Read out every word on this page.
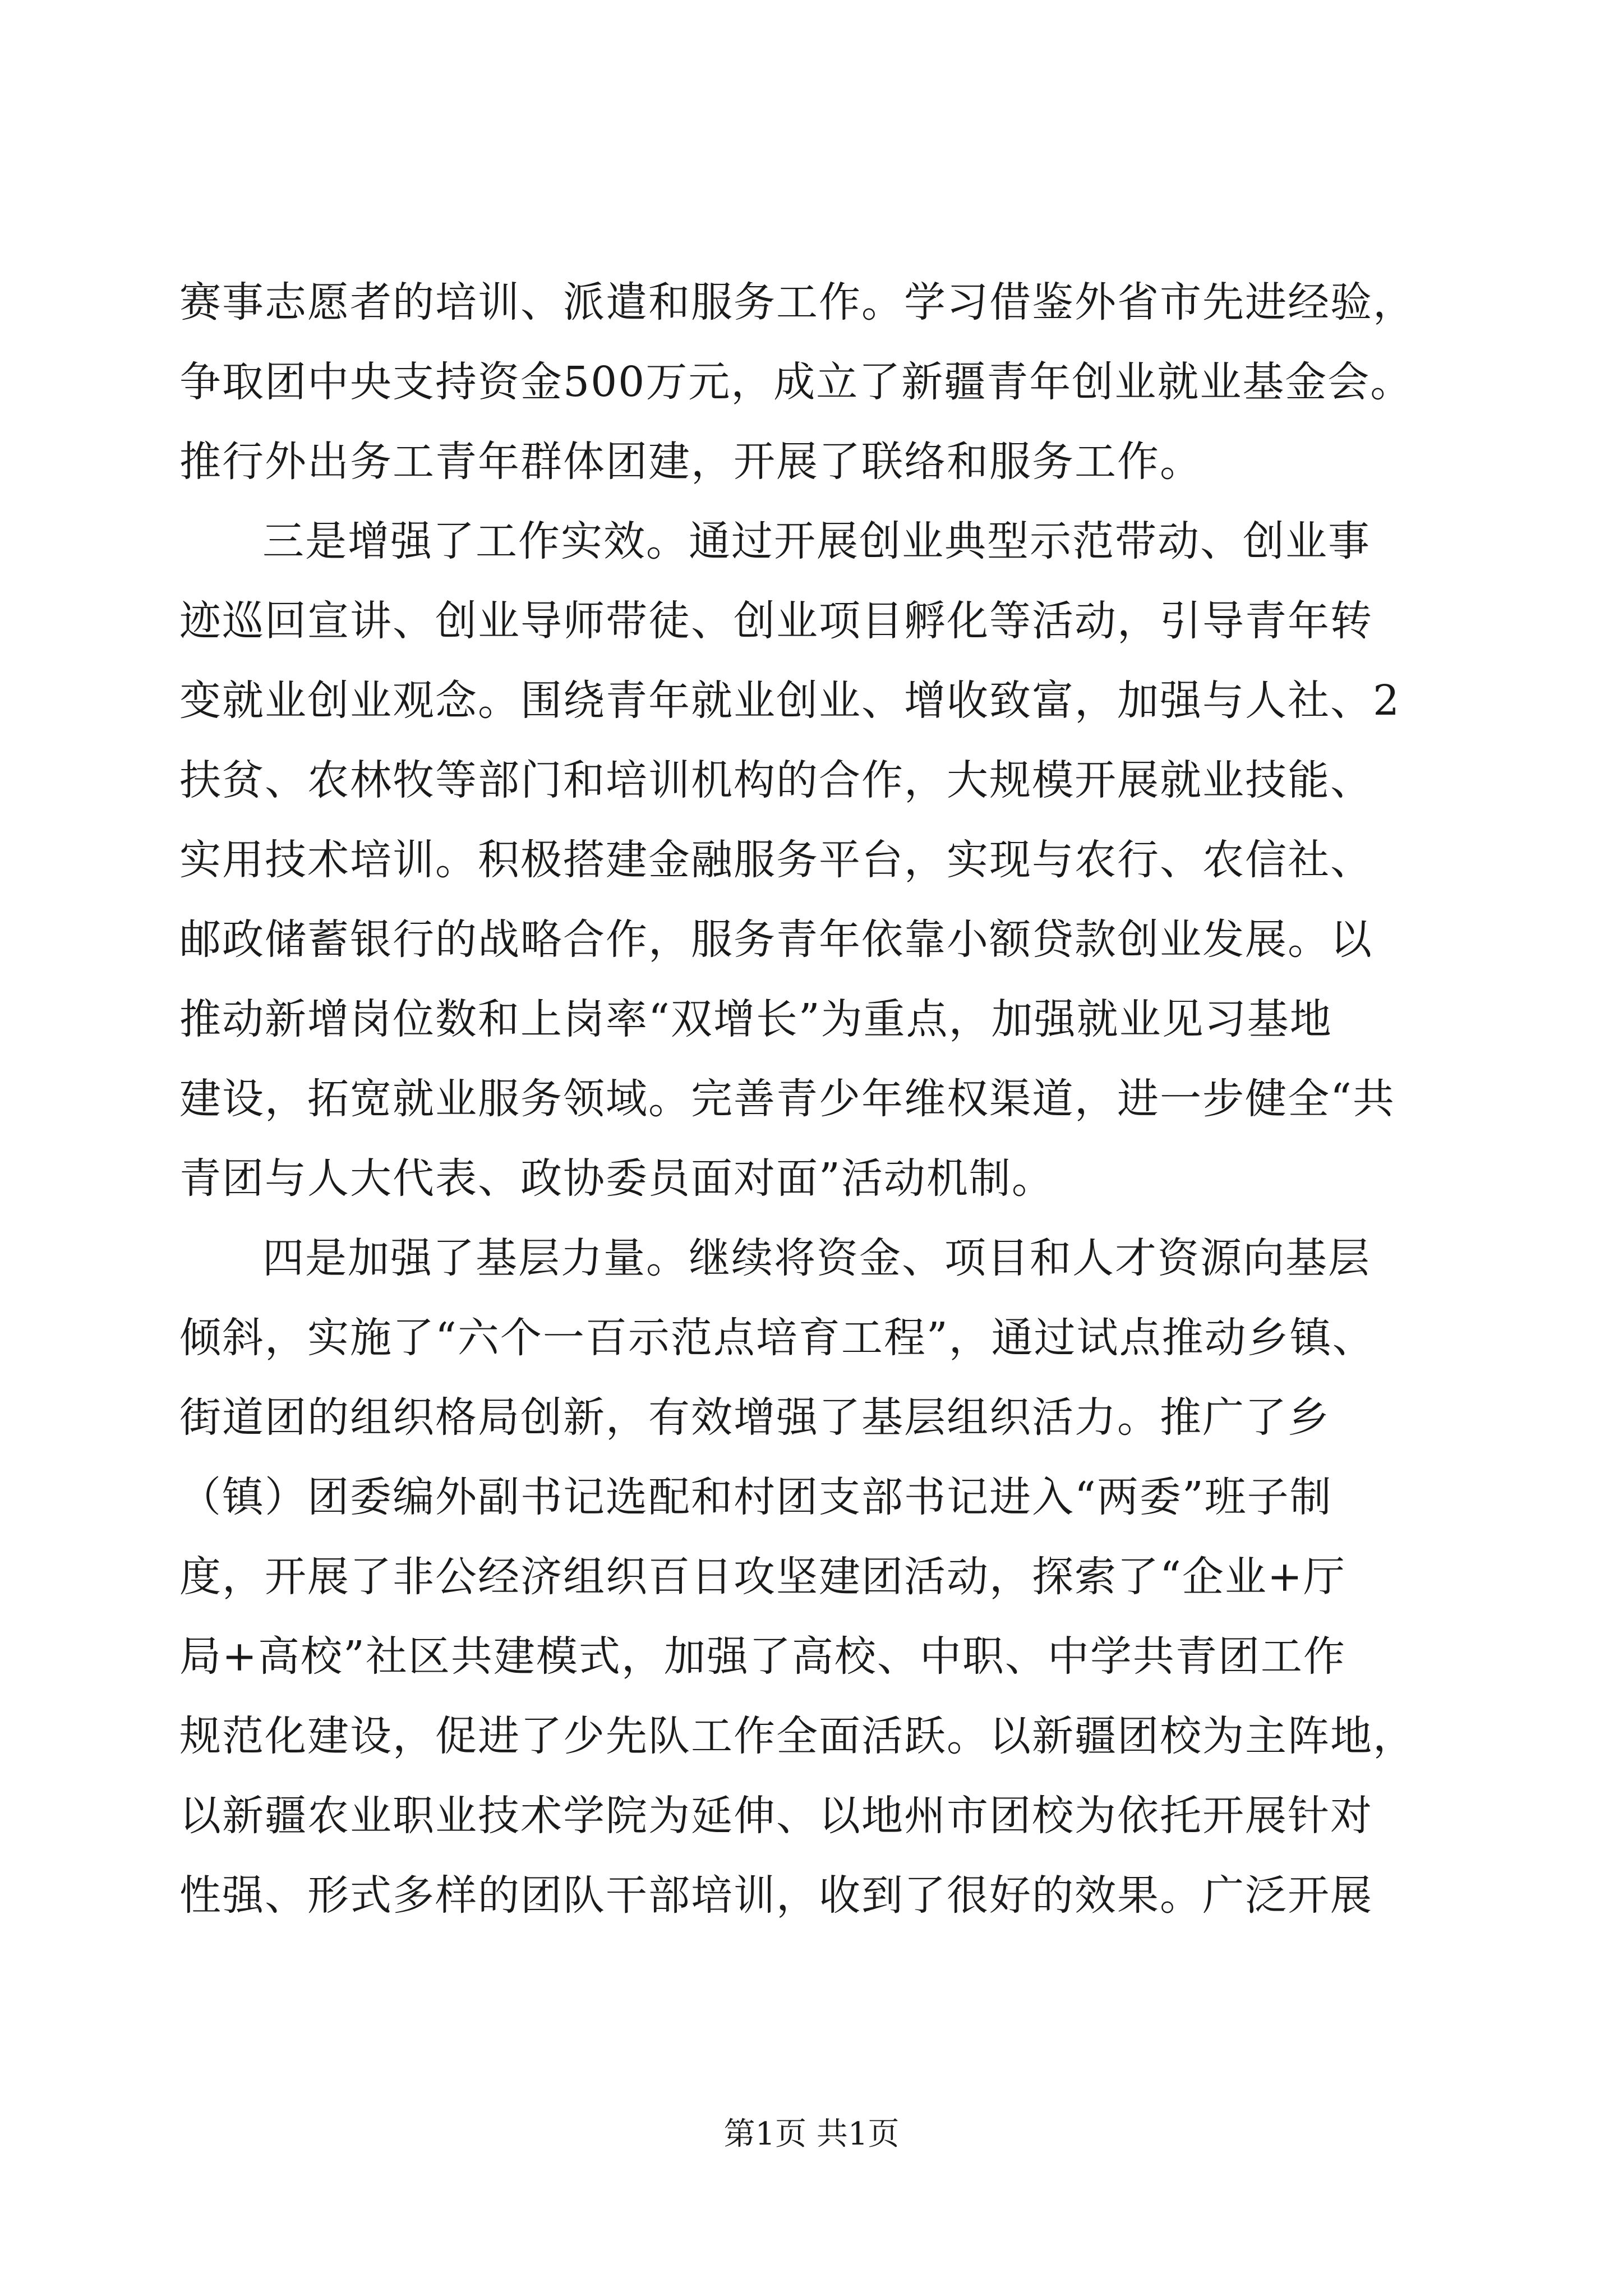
赛事志愿者的培训、派遣和服务工作。学习借鉴外省市先进经验，
争取团中央支持资金500万元，成立了新疆青年创业就业基金会。
推行外出务工青年群体团建，开展了联络和服务工作。
三是增强了工作实效。通过开展创业典型示范带动、创业事
迹巡回宣讲、创业导师带徒、创业项目孵化等活动，引导青年转
变就业创业观念。围绕青年就业创业、增收致富，加强与人社、2
扶贫、农林牧等部门和培训机构的合作，大规模开展就业技能、
实用技术培训。积极搭建金融服务平台，实现与农行、农信社、
邮政储蓄银行的战略合作，服务青年依靠小额贷款创业发展。以
推动新增岗位数和上岗率“双增长”为重点，加强就业见习基地
建设，拓宽就业服务领域。完善青少年维权渠道，进一步健全“共
青团与人大代表、政协委员面对面”活动机制。
四是加强了基层力量。继续将资金、项目和人才资源向基层
倾斜，实施了“六个一百示范点培育工程”，通过试点推动乡镇、
街道团的组织格局创新，有效增强了基层组织活力。推广了乡
（镇）团委编外副书记选配和村团支部书记进入“两委”班子制
度，开展了非公经济组织百日攻坚建团活动，探索了“企业+厅
局+高校”社区共建模式，加强了高校、中职、中学共青团工作
规范化建设，促进了少先队工作全面活跃。以新疆团校为主阵地，
以新疆农业职业技术学院为延伸、以地州市团校为依托开展针对
性强、形式多样的团队干部培训，收到了很好的效果。广泛开展
第1页 共1页
